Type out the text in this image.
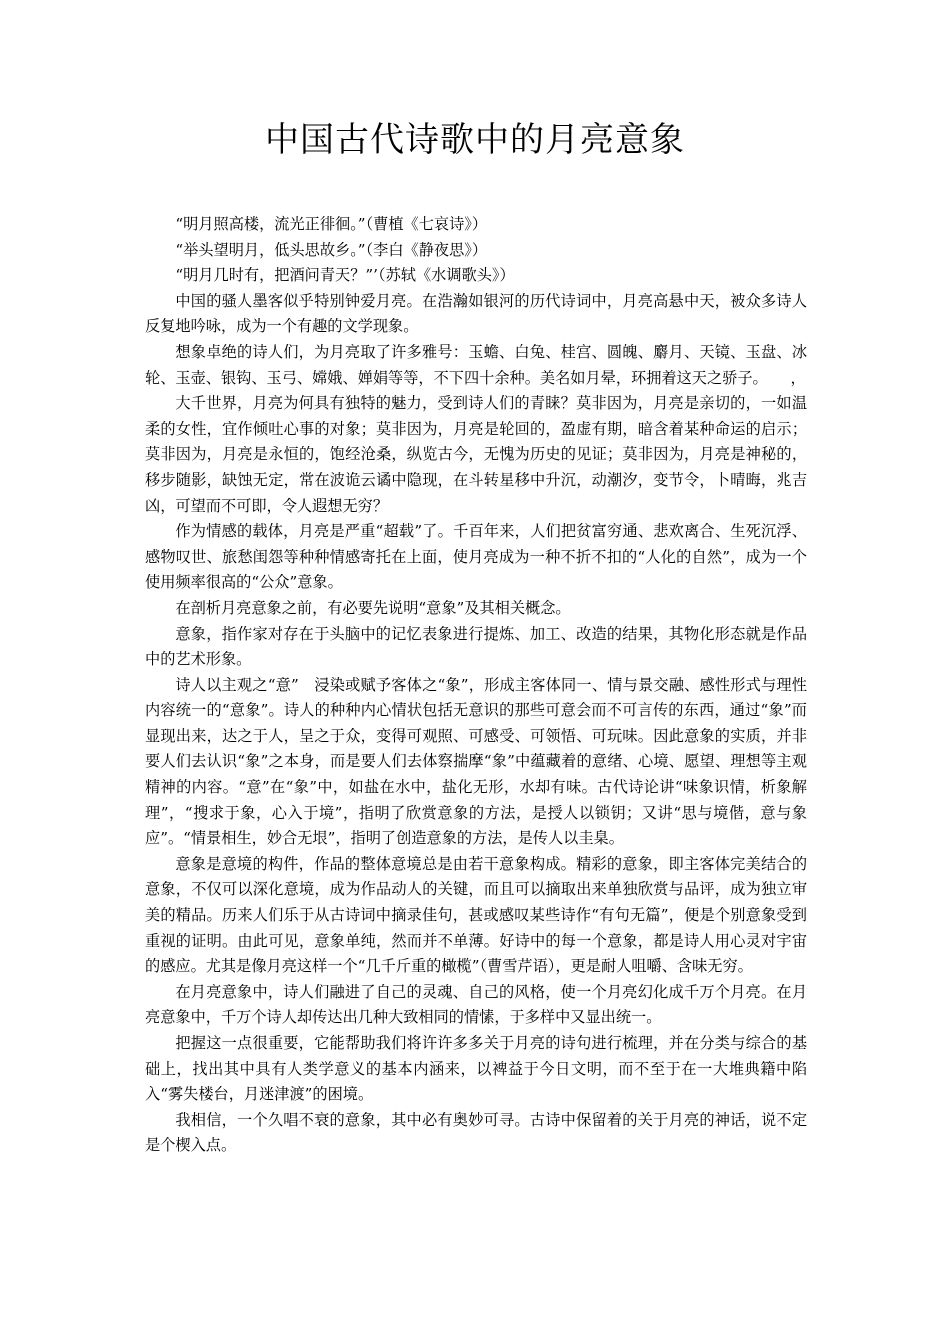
中国古代诗歌中的月亮意象

“明月照高楼，流光正徘徊。”（曹植《七哀诗》）

“举头望明月，低头思故乡。”（李白《静夜思》）

“明月几时有，把酒问青天？”’（苏轼《水调歌头》）

中国的骚人墨客似乎特别钟爱月亮。在浩瀚如银河的历代诗词中，月亮高悬中天，被众多诗人反复地吟咏，成为一个有趣的文学现象。

想象卓绝的诗人们，为月亮取了许多雅号：玉蟾、白兔、桂宫、圆魄、麝月、天镜、玉盘、冰轮、玉壶、银钩、玉弓、嫦娥、婵娟等等，不下四十余种。美名如月晕，环拥着这天之骄子。　　，

大千世界，月亮为何具有独特的魅力，受到诗人们的青睐？莫非因为，月亮是亲切的，一如温柔的女性，宜作倾吐心事的对象；莫非因为，月亮是轮回的，盈虚有期，暗含着某种命运的启示；莫非因为，月亮是永恒的，饱经沧桑，纵览古今，无愧为历史的见证；莫非因为，月亮是神秘的，移步随影，缺蚀无定，常在波诡云谲中隐现，在斗转星移中升沉，动潮汐，变节令，卜晴晦，兆吉凶，可望而不可即，令人遐想无穷？

作为情感的载体，月亮是严重“超载”了。千百年来，人们把贫富穷通、悲欢离合、生死沉浮、感物叹世、旅愁闺怨等种种情感寄托在上面，使月亮成为一种不折不扣的“人化的自然”，成为一个使用频率很高的“公众”意象。

在剖析月亮意象之前，有必要先说明“意象”及其相关概念。

意象，指作家对存在于头脑中的记忆表象进行提炼、加工、改造的结果，其物化形态就是作品中的艺术形象。

诗人以主观之“意”　浸染或赋予客体之“象”，形成主客体同一、情与景交融、感性形式与理性内容统一的“意象”。诗人的种种内心情状包括无意识的那些可意会而不可言传的东西，通过“象”而显现出来，达之于人，呈之于众，变得可观照、可感受、可领悟、可玩味。因此意象的实质，并非要人们去认识“象”之本身，而是要人们去体察揣摩“象”中蕴藏着的意绪、心境、愿望、理想等主观精神的内容。“意”在“象”中，如盐在水中，盐化无形，水却有味。古代诗论讲“味象识情，析象解理”，“搜求于象，心入于境”，指明了欣赏意象的方法，是授人以锁钥；又讲“思与境偕，意与象应”。“情景相生，妙合无垠”，指明了创造意象的方法，是传人以圭臬。

意象是意境的构件，作品的整体意境总是由若干意象构成。精彩的意象，即主客体完美结合的意象，不仅可以深化意境，成为作品动人的关键，而且可以摘取出来单独欣赏与品评，成为独立审美的精品。历来人们乐于从古诗词中摘录佳句，甚或感叹某些诗作“有句无篇”，便是个别意象受到重视的证明。由此可见，意象单纯，然而并不单薄。好诗中的每一个意象，都是诗人用心灵对宇宙的感应。尤其是像月亮这样一个“几千斤重的橄榄”（曹雪芹语），更是耐人咀嚼、含味无穷。

在月亮意象中，诗人们融进了自己的灵魂、自己的风格，使一个月亮幻化成千万个月亮。在月亮意象中，千万个诗人却传达出几种大致相同的情愫，于多样中又显出统一。

把握这一点很重要，它能帮助我们将许许多多关于月亮的诗句进行梳理，并在分类与综合的基础上，找出其中具有人类学意义的基本内涵来，以裨益于今日文明，而不至于在一大堆典籍中陷入“雾失楼台，月迷津渡”的困境。

我相信，一个久唱不衰的意象，其中必有奥妙可寻。古诗中保留着的关于月亮的神话，说不定是个楔入点。
